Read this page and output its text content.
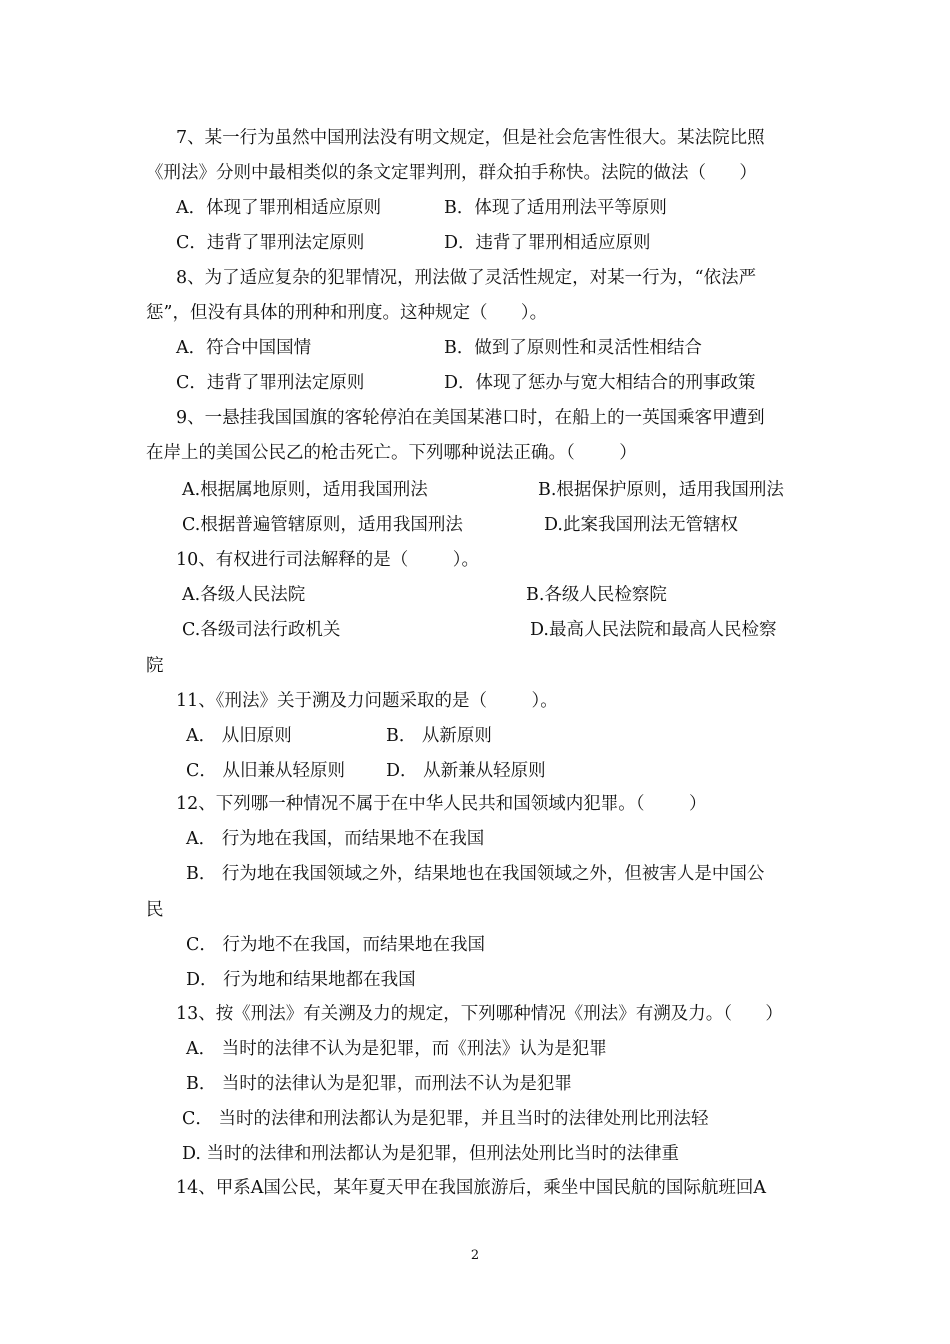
7、某一行为虽然中国刑法没有明文规定，但是社会危害性很大。某法院比照
《刑法》分则中最相类似的条文定罪判刑，群众拍手称快。法院的做法（      ）
A．体现了罪刑相适应原则	B．体现了适用刑法平等原则
C．违背了罪刑法定原则	D．违背了罪刑相适应原则
8、为了适应复杂的犯罪情况，刑法做了灵活性规定，对某一行为，“依法严
惩”，但没有具体的刑种和刑度。这种规定（      ）。
A．符合中国国情	B．做到了原则性和灵活性相结合
C．违背了罪刑法定原则	D．体现了惩办与宽大相结合的刑事政策
9、一悬挂我国国旗的客轮停泊在美国某港口时，在船上的一英国乘客甲遭到
在岸上的美国公民乙的枪击死亡。下列哪种说法正确。（        ）
A.根据属地原则，适用我国刑法	B.根据保护原则，适用我国刑法
C.根据普遍管辖原则，适用我国刑法	D.此案我国刑法无管辖权
10、有权进行司法解释的是（        ）。
A.各级人民法院	B.各级人民检察院
C.各级司法行政机关	D.最高人民法院和最高人民检察
院
11、《刑法》关于溯及力问题采取的是（        ）。
A． 从旧原则	B． 从新原则
C． 从旧兼从轻原则 D． 从新兼从轻原则
12、下列哪一种情况不属于在中华人民共和国领域内犯罪。（        ）
A． 行为地在我国，而结果地不在我国
B． 行为地在我国领域之外，结果地也在我国领域之外，但被害人是中国公
民
C． 行为地不在我国，而结果地在我国
D． 行为地和结果地都在我国
13、按《刑法》有关溯及力的规定，下列哪种情况《刑法》有溯及力。（      ）
A． 当时的法律不认为是犯罪，而《刑法》认为是犯罪
B． 当时的法律认为是犯罪，而刑法不认为是犯罪
C． 当时的法律和刑法都认为是犯罪，并且当时的法律处刑比刑法轻
D. 当时的法律和刑法都认为是犯罪，但刑法处刑比当时的法律重
14、甲系A国公民，某年夏天甲在我国旅游后，乘坐中国民航的国际航班回A
2
